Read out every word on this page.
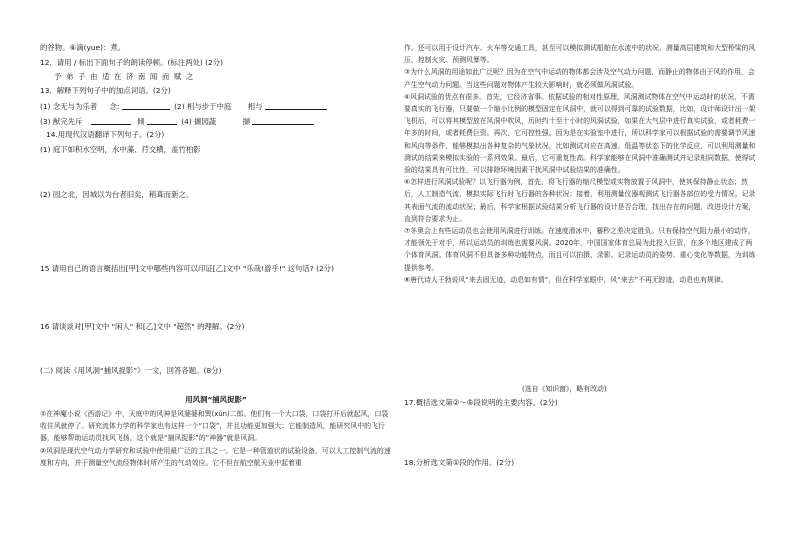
的谷物。⑥滴(yue)：煮。
12．请用 / 标出下面句子的朗读停顿。(标注两处) (2分)
予弟子由适在济南闻而赋之
13．解释下列句子中的加点词语。(2分)
(1) 念无与为乐者 念:	(2) 相与步于中庭 相与
(3) 猷完先斥	倾	(4) 撷园蔬	撷
14.用现代汉语翻译下列句子。(2分)
(1) 庭下如积水空明，水中藻、荇交横，盖竹柏影
(2) 园之北，因城以为台者旧矣，稍葺而新之。
15 请用自己的语言概括出[甲]文中哪些内容可以印证[乙]文中 "乐哉!游乎!" 这句话? (2分)
16 请谈谈对[甲]文中 "闲人" 和[乙]文中 "超然" 的理解。(2分)
(二) 阅读《用风洞“捕风捉影”》一文，回答各题。(8分)
用风洞“捕风捉影”

①在神魔小说《西游记》中，天庭中的风神是风婆婆和巽(xùn)二郎。他们有一个大口袋，口袋打开后就起风，口袋收住风就停了。研究流体力学的科学家也有这样一个“口袋”，并且功能更加强大：它能制造风，能研究风中的飞行器，能够帮助运动员找风飞扬，这个就是“捕风捉影”的“神器”就是风洞。

②风洞是现代空气动力学研究和试验中使用最广泛的工具之一。它是一种管道状的试验设备，可以人工控制气流的速度和方向，并于测量空气流经物体时所产生的气动效应。它不但在航空航天业中起着重

作。还可以用于设计汽车、火车等交通工具，甚至可以模拟测试船舶在水流中的状况、测量高层建筑和大型桥梁的风压、控制火灾、预测风暴等。

③为什么风洞的用途如此广泛呢？因为在空气中运动的物体都会涉及空气动力问题，而静止的物体由于风的作用，会产生空气动力问题。当这些问题对物体产生较大影响时，就必须做风洞试验。

④风洞试验的优点有很多。首先，它经济省事。依据试验的相对性原理，风洞测试物体在空气中运动时的状况，不需要真实的飞行器，只要做一个缩小比例的模型固定在风洞中，就可以得到可靠的试验数据，比如，设计师设计出一架飞机后，可以将其模型放在风洞中吹风，历时约十至十小时的风洞试验，如果在大气层中进行真实试验，或者耗费一年多的时间，或者耗费巨资。再次，它可控性强。因为是在实验室中进行，所以科学家可以根据试验的需要调节风速和风向等条件，能够模拟出各种复杂的气象状况，比如测试对应在高速、低温等状态下的化学反应，可以利用测量和测试的结果来模拟实验的一系列效果。最后，它可重复性高。科学家能够在风洞中准确测试并记录相同数据，使得试验的结果具有可比性，可以排除环境因素干扰风洞中试验结果的准确性。

⑥怎样进行风洞试验呢？以飞行器为例，首先，将飞行器的缩尺模型或实物放置于风洞中，使其保持静止状态；然后，人工制造气流，模拟实际飞行时飞行器的各种状况；接着，利用测量仪器观测试飞行器各部位的受力情况。记录其表面气流的流动状况；最后，科学家根据试验结果分析飞行器的设计是否合理，找出存在的问题，改进设计方案，直到符合要求为止。

⑦冬奥会上有些运动员也会使用风洞进行训练。在速度滑冰中，蹇秒之差决定胜负。只有保持空气阻力最小的动作，才能领先于对手，所以运动员的训练也需要风洞。2020年，中国国家体育总局为此投入巨资，在多个地区建成了两个体育风洞。体育风洞不但具备多种功能特点，而且可以拍摄、录影、记录运动员的姿势、重心变化等数据，为训练提供参考。

⑧唐代诗人王勃说风“来去固无迹，动息如有情”，但在科学家眼中，风“来去”不再无踪迹，动息也有规律。

(选自《知识窗》，略有改动)
17.概括选文第②～⑤段说明的主要内容。(2分)
18.分析选文第①段的作用。(2分)
